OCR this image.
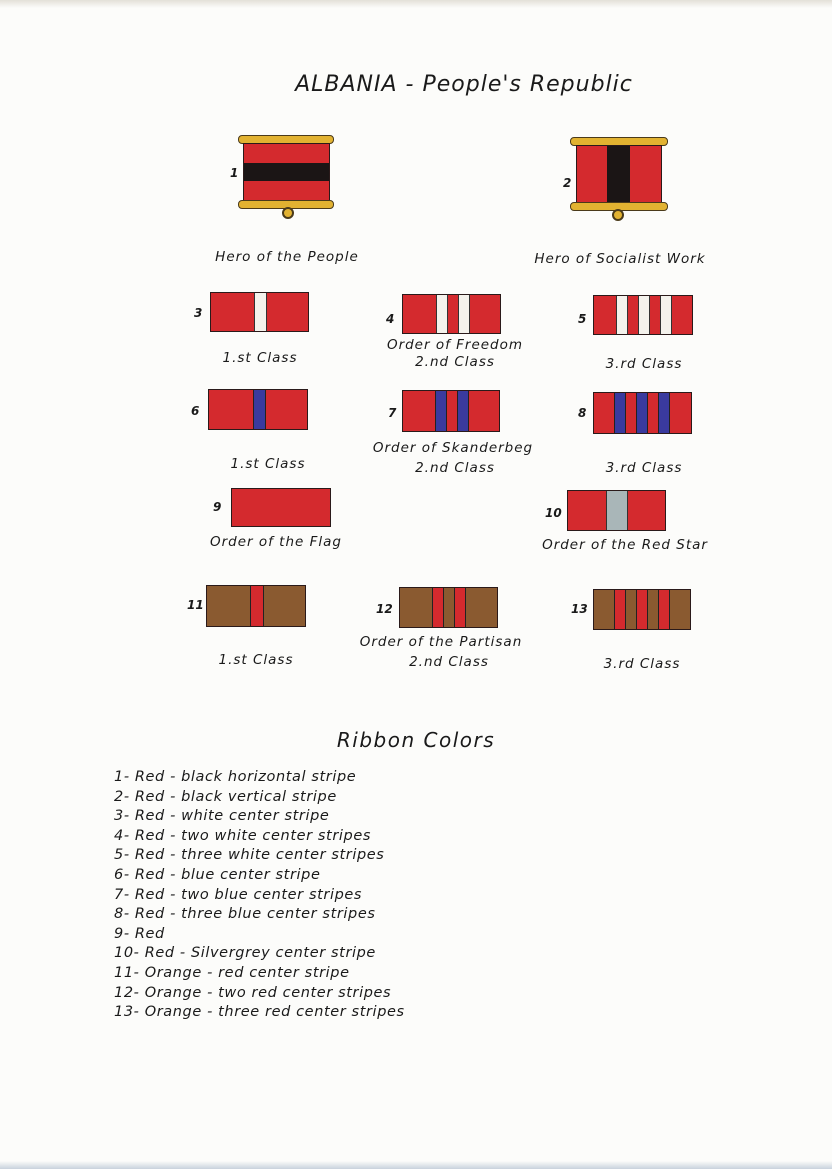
ALBANIA - People's Republic
1
Hero of the People
2
Hero of Socialist Work
3
1.st Class
4
Order of Freedom
2.nd Class
5
3.rd Class
6
1.st Class
7
Order of Skanderbeg
2.nd Class
8
3.rd Class
9
Order of the Flag
10
Order of the Red Star
11
1.st Class
12
Order of the Partisan
2.nd Class
13
3.rd Class
Ribbon Colors
1- Red - black horizontal stripe
2- Red - black vertical stripe
3- Red - white center stripe
4- Red - two white center stripes
5- Red - three white center stripes
6- Red - blue center stripe
7- Red - two blue center stripes
8- Red - three blue center stripes
9- Red
10- Red - Silvergrey center stripe
11- Orange - red center stripe
12- Orange - two red center stripes
13- Orange - three red center stripes
